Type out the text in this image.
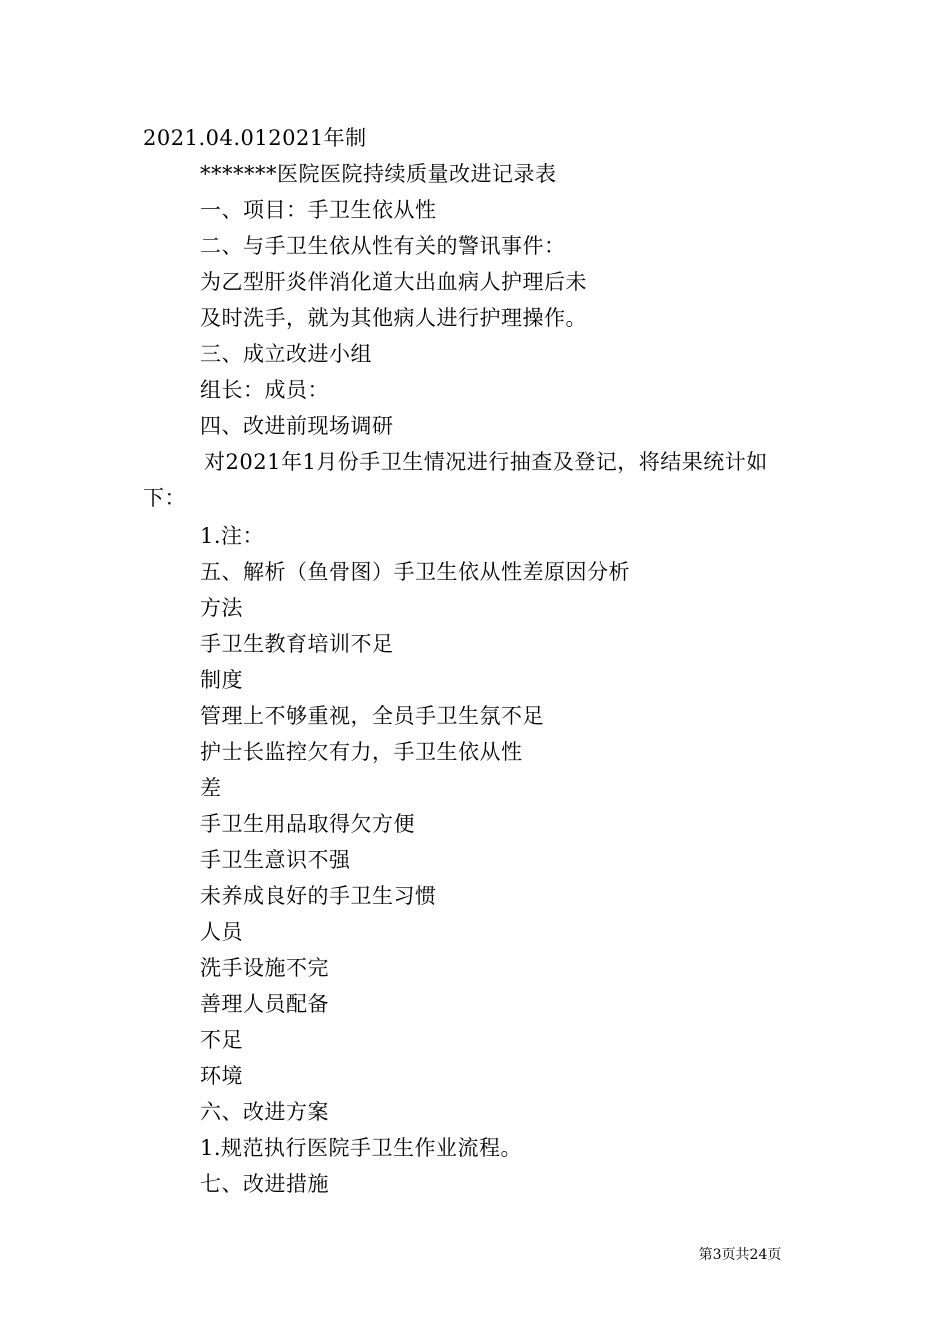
2021.04.012021年制
*******医院医院持续质量改进记录表
一、项目：手卫生依从性
二、与手卫生依从性有关的警讯事件：
为乙型肝炎伴消化道大出血病人护理后未
及时洗手，就为其他病人进行护理操作。
三、成立改进小组
组长：成员：
四、改进前现场调研
对2021年1月份手卫生情况进行抽查及登记，将结果统计如
下：
1.注：
五、解析（鱼骨图）手卫生依从性差原因分析
方法
手卫生教育培训不足
制度
管理上不够重视，全员手卫生氛不足
护士长监控欠有力，手卫生依从性
差
手卫生用品取得欠方便
手卫生意识不强
未养成良好的手卫生习惯
人员
洗手设施不完
善理人员配备
不足
环境
六、改进方案
1.规范执行医院手卫生作业流程。
七、改进措施
第3页共24页
